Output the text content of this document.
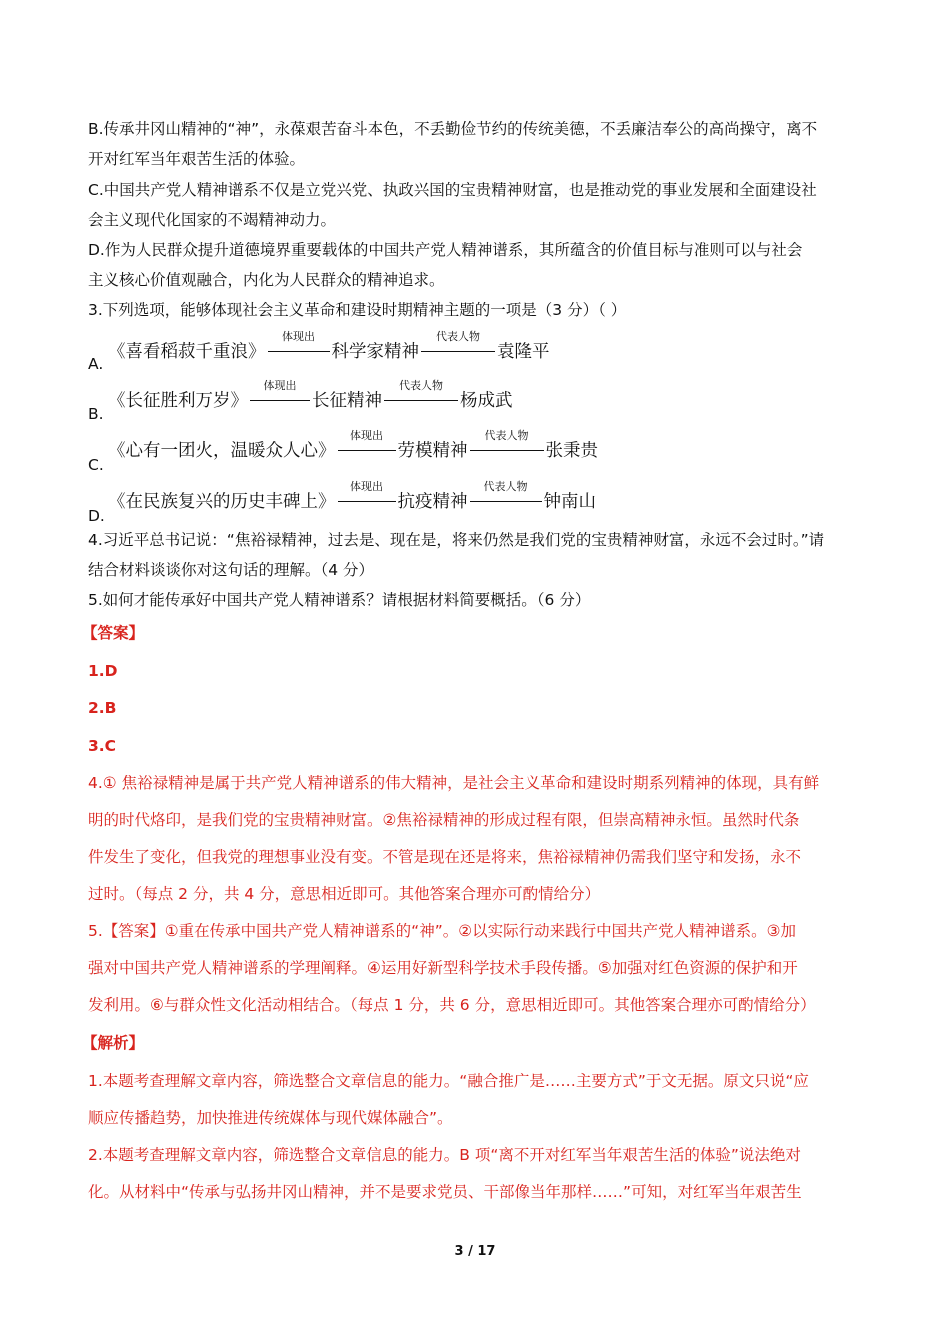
B.传承井冈山精神的“神”，永葆艰苦奋斗本色，不丢勤俭节约的传统美德，不丢廉洁奉公的高尚操守，离不
开对红军当年艰苦生活的体验。
C.中国共产党人精神谱系不仅是立党兴党、执政兴国的宝贵精神财富，也是推动党的事业发展和全面建设社
会主义现代化国家的不竭精神动力。
D.作为人民群众提升道德境界重要载体的中国共产党人精神谱系，其所蕴含的价值目标与准则可以与社会
主义核心价值观融合，内化为人民群众的精神追求。
3.下列选项，能够体现社会主义革命和建设时期精神主题的一项是（3 分）（ ）
《喜看稻菽千重浪》
体现出
科学家精神
代表人物
袁隆平
A.
《长征胜利万岁》
体现出
长征精神
代表人物
杨成武
B.
《心有一团火，温暖众人心》
体现出
劳模精神
代表人物
张秉贵
C.
《在民族复兴的历史丰碑上》
体现出
抗疫精神
代表人物
钟南山
D.
4.习近平总书记说：“焦裕禄精神，过去是、现在是，将来仍然是我们党的宝贵精神财富，永远不会过时。”请
结合材料谈谈你对这句话的理解。（4 分）
5.如何才能传承好中国共产党人精神谱系？请根据材料简要概括。（6 分）
【答案】
1.D
2.B
3.C
4.① 焦裕禄精神是属于共产党人精神谱系的伟大精神，是社会主义革命和建设时期系列精神的体现，具有鲜
明的时代烙印，是我们党的宝贵精神财富。②焦裕禄精神的形成过程有限，但崇高精神永恒。虽然时代条
件发生了变化，但我党的理想事业没有变。不管是现在还是将来，焦裕禄精神仍需我们坚守和发扬，永不
过时。（每点 2 分，共 4 分，意思相近即可。其他答案合理亦可酌情给分）
5.【答案】①重在传承中国共产党人精神谱系的“神”。②以实际行动来践行中国共产党人精神谱系。③加
强对中国共产党人精神谱系的学理阐释。④运用好新型科学技术手段传播。⑤加强对红色资源的保护和开
发利用。⑥与群众性文化活动相结合。（每点 1 分，共 6 分，意思相近即可。其他答案合理亦可酌情给分）
【解析】
1.本题考查理解文章内容，筛选整合文章信息的能力。“融合推广是……主要方式”于文无据。原文只说“应
顺应传播趋势，加快推进传统媒体与现代媒体融合”。
2.本题考查理解文章内容，筛选整合文章信息的能力。B 项“离不开对红军当年艰苦生活的体验”说法绝对
化。从材料中“传承与弘扬井冈山精神，并不是要求党员、干部像当年那样……”可知，对红军当年艰苦生
3 / 17
